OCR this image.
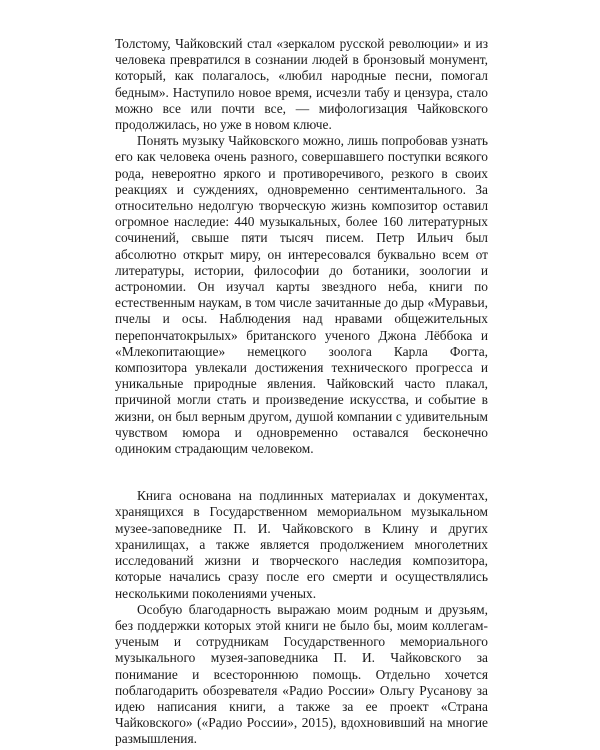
Толстому, Чайковский стал «зеркалом русской революции» и из человека превратился в сознании людей в бронзовый монумент, который, как полагалось, «любил народные песни, помогал бедным». Наступило новое время, исчезли табу и цензура, стало можно все или почти все, — мифологизация Чайковского продолжилась, но уже в новом ключе.

Понять музыку Чайковского можно, лишь попробовав узнать его как человека очень разного, совершавшего поступки всякого рода, невероятно яркого и противоречивого, резкого в своих реакциях и суждениях, одновременно сентиментального. За относительно недолгую творческую жизнь композитор оставил огромное наследие: 440 музыкальных, более 160 литературных сочинений, свыше пяти тысяч писем. Петр Ильич был абсолютно открыт миру, он интересовался буквально всем от литературы, истории, философии до ботаники, зоологии и астрономии. Он изучал карты звездного неба, книги по естественным наукам, в том числе зачитанные до дыр «Муравьи, пчелы и осы. Наблюдения над нравами общежительных перепончатокрылых» британского ученого Джона Лёббока и «Млекопитающие» немецкого зоолога Карла Фогта, композитора увлекали достижения технического прогресса и уникальные природные явления. Чайковский часто плакал, причиной могли стать и произведение искусства, и событие в жизни, он был верным другом, душой компании с удивительным чувством юмора и одновременно оставался бесконечно одиноким страдающим человеком.

Книга основана на подлинных материалах и документах, хранящихся в Государственном мемориальном музыкальном музее-заповеднике П. И. Чайковского в Клину и других хранилищах, а также является продолжением многолетних исследований жизни и творческого наследия композитора, которые начались сразу после его смерти и осуществлялись несколькими поколениями ученых.

Особую благодарность выражаю моим родным и друзьям, без поддержки которых этой книги не было бы, моим коллегам-ученым и сотрудникам Государственного мемориального музыкального музея-заповедника П. И. Чайковского за понимание и всестороннюю помощь. Отдельно хочется поблагодарить обозревателя «Радио России» Ольгу Русанову за идею написания книги, а также за ее проект «Страна Чайковского» («Радио России», 2015), вдохновивший на многие размышления.
